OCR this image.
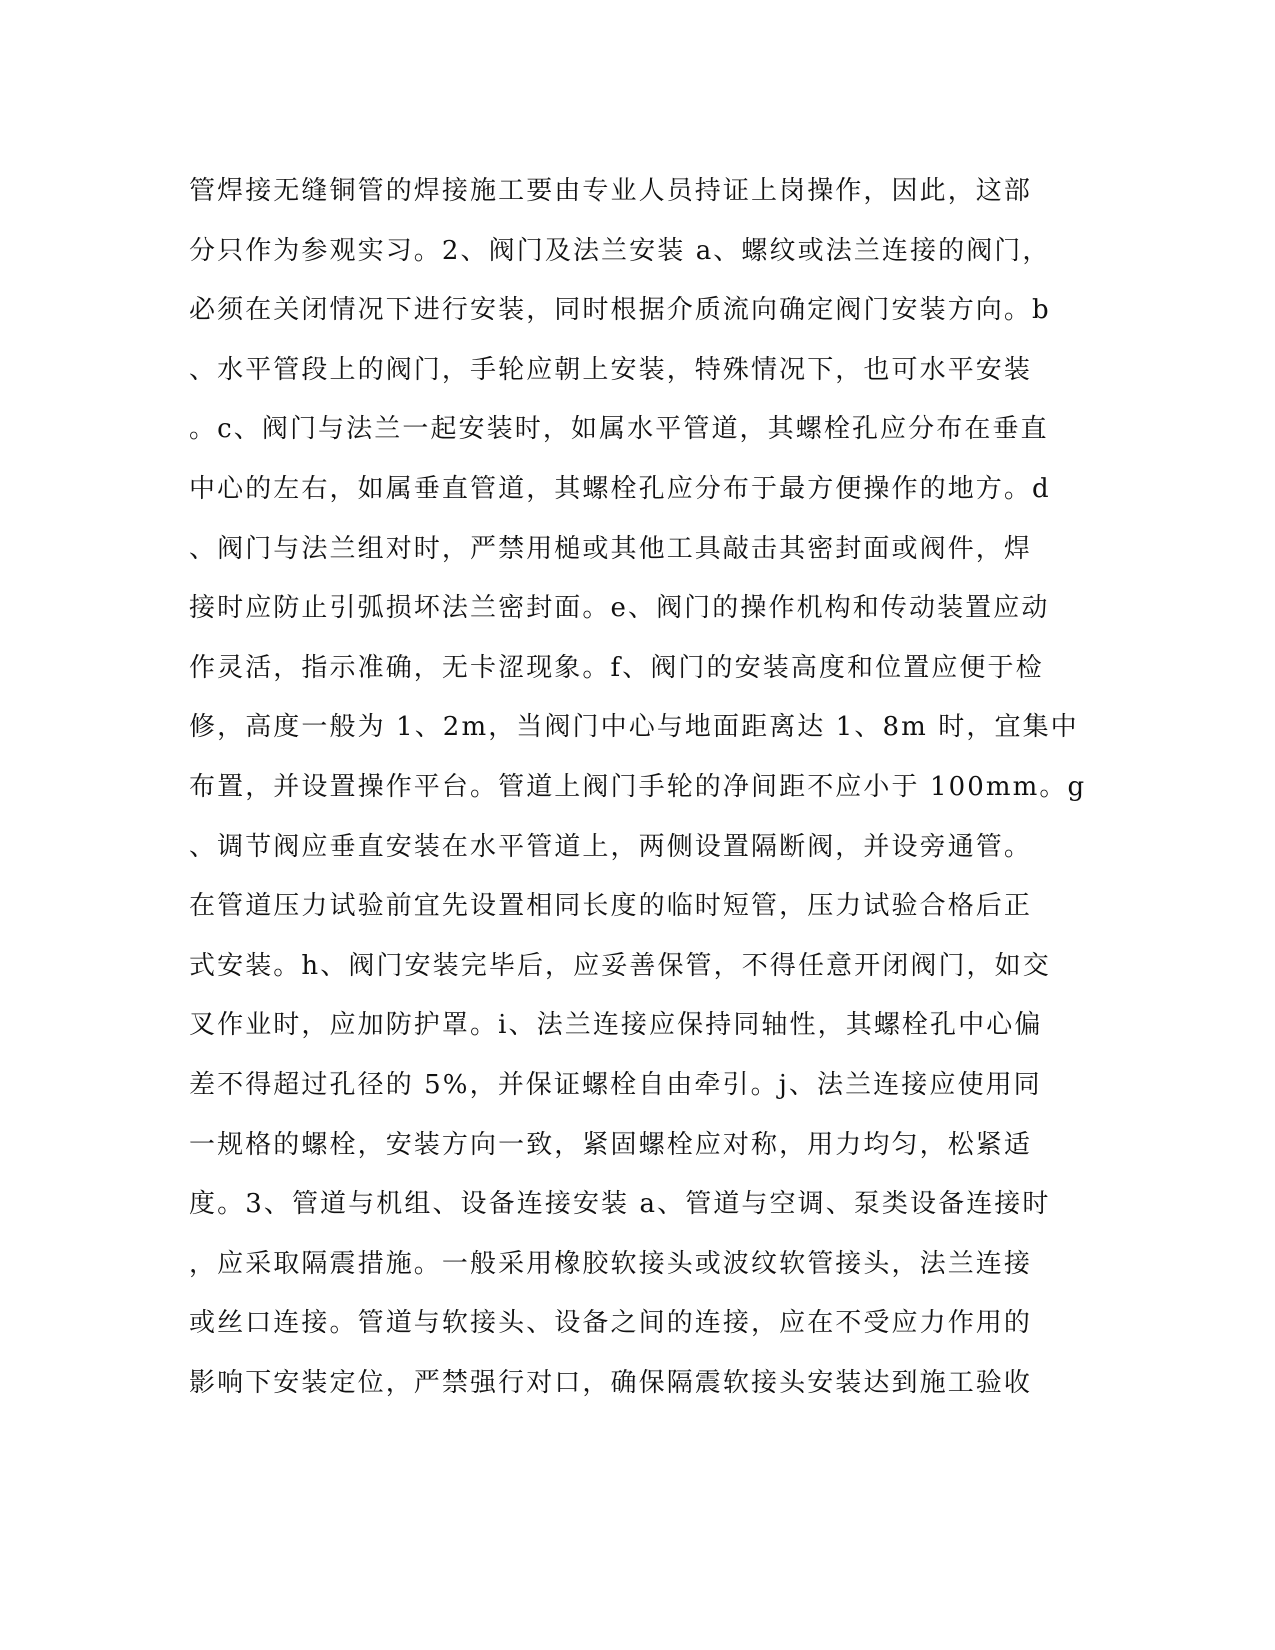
管焊接无缝铜管的焊接施工要由专业人员持证上岗操作，因此，这部
分只作为参观实习。2、阀门及法兰安装 a、螺纹或法兰连接的阀门，
必须在关闭情况下进行安装，同时根据介质流向确定阀门安装方向。b
、水平管段上的阀门，手轮应朝上安装，特殊情况下，也可水平安装
。c、阀门与法兰一起安装时，如属水平管道，其螺栓孔应分布在垂直
中心的左右，如属垂直管道，其螺栓孔应分布于最方便操作的地方。d
、阀门与法兰组对时，严禁用槌或其他工具敲击其密封面或阀件，焊
接时应防止引弧损坏法兰密封面。e、阀门的操作机构和传动装置应动
作灵活，指示准确，无卡涩现象。f、阀门的安装高度和位置应便于检
修，高度一般为 1、2m，当阀门中心与地面距离达 1、8m 时，宜集中
布置，并设置操作平台。管道上阀门手轮的净间距不应小于 100mm。g
、调节阀应垂直安装在水平管道上，两侧设置隔断阀，并设旁通管。
在管道压力试验前宜先设置相同长度的临时短管，压力试验合格后正
式安装。h、阀门安装完毕后，应妥善保管，不得任意开闭阀门，如交
叉作业时，应加防护罩。i、法兰连接应保持同轴性，其螺栓孔中心偏
差不得超过孔径的 5%，并保证螺栓自由牵引。j、法兰连接应使用同
一规格的螺栓，安装方向一致，紧固螺栓应对称，用力均匀，松紧适
度。3、管道与机组、设备连接安装 a、管道与空调、泵类设备连接时
，应采取隔震措施。一般采用橡胶软接头或波纹软管接头，法兰连接
或丝口连接。管道与软接头、设备之间的连接，应在不受应力作用的
影响下安装定位，严禁强行对口，确保隔震软接头安装达到施工验收
